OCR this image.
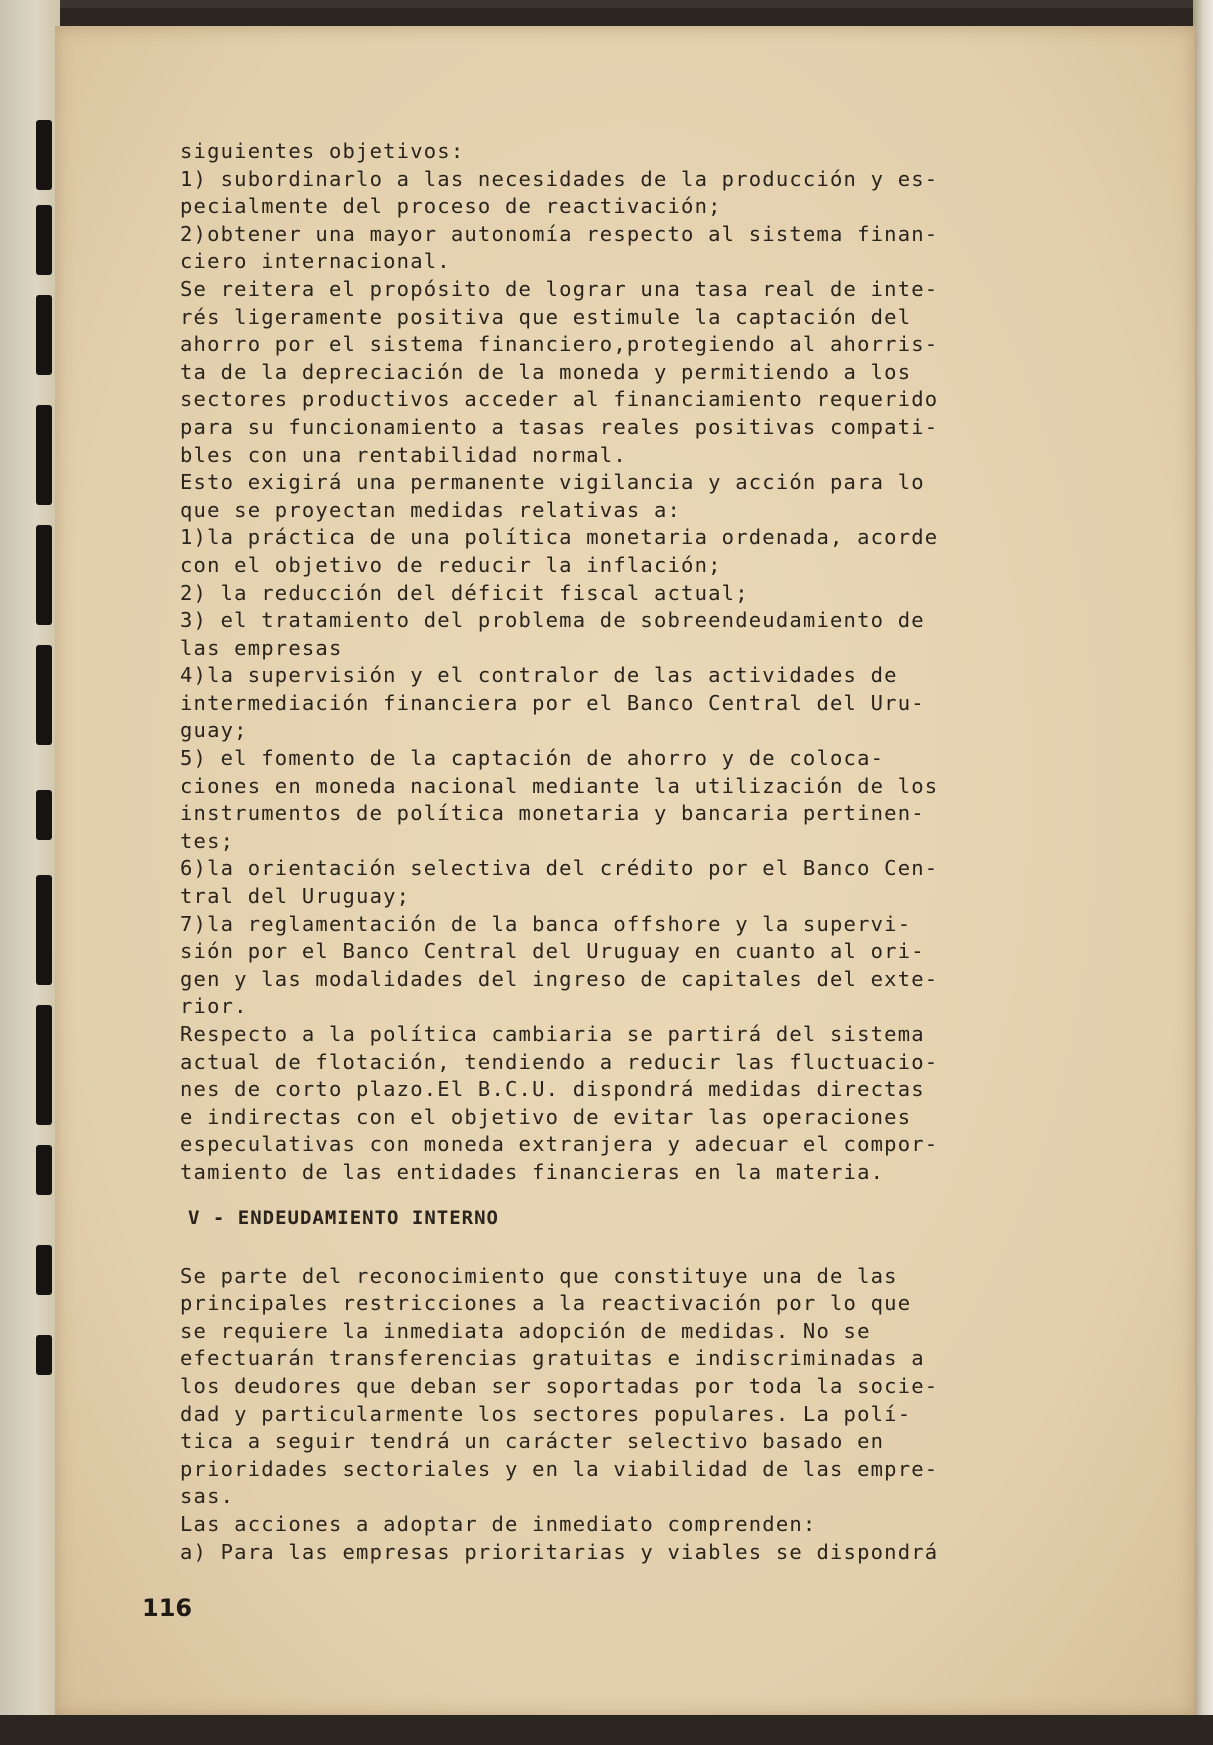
siguientes objetivos:
1) subordinarlo a las necesidades de la producción y es-
pecialmente del proceso de reactivación;
2)obtener una mayor autonomía respecto al sistema finan-
ciero internacional.
Se reitera el propósito de lograr una tasa real de inte-
rés ligeramente positiva que estimule la captación del
ahorro por el sistema financiero,protegiendo al ahorris-
ta de la depreciación de la moneda y permitiendo a los
sectores productivos acceder al financiamiento requerido
para su funcionamiento a tasas reales positivas compati-
bles con una rentabilidad normal.
Esto exigirá una permanente vigilancia y acción para lo
que se proyectan medidas relativas a:
1)la práctica de una política monetaria ordenada, acorde
con el objetivo de reducir la inflación;
2) la reducción del déficit fiscal actual;
3) el tratamiento del problema de sobreendeudamiento de
las empresas
4)la supervisión y el contralor de las actividades de
intermediación financiera por el Banco Central del Uru-
guay;
5) el fomento de la captación de ahorro y de coloca-
ciones en moneda nacional mediante la utilización de los
instrumentos de política monetaria y bancaria pertinen-
tes;
6)la orientación selectiva del crédito por el Banco Cen-
tral del Uruguay;
7)la reglamentación de la banca offshore y la supervi-
sión por el Banco Central del Uruguay en cuanto al ori-
gen y las modalidades del ingreso de capitales del exte-
rior.
Respecto a la política cambiaria se partirá del sistema
actual de flotación, tendiendo a reducir las fluctuacio-
nes de corto plazo.El B.C.U. dispondrá medidas directas
e indirectas con el objetivo de evitar las operaciones
especulativas con moneda extranjera y adecuar el compor-
tamiento de las entidades financieras en la materia.
V - ENDEUDAMIENTO INTERNO
Se parte del reconocimiento que constituye una de las
principales restricciones a la reactivación por lo que
se requiere la inmediata adopción de medidas. No se
efectuarán transferencias gratuitas e indiscriminadas a
los deudores que deban ser soportadas por toda la socie-
dad y particularmente los sectores populares. La polí-
tica a seguir tendrá un carácter selectivo basado en
prioridades sectoriales y en la viabilidad de las empre-
sas.
Las acciones a adoptar de inmediato comprenden:
a) Para las empresas prioritarias y viables se dispondrá
116
